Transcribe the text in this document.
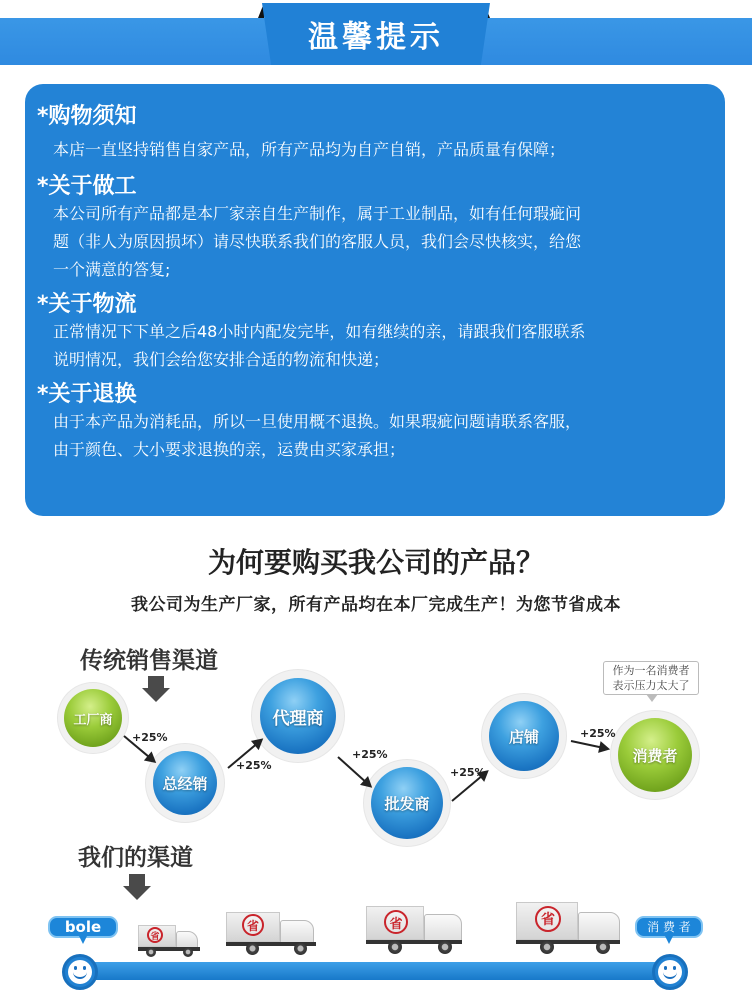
温馨提示
*购物须知

本店一直坚持销售自家产品，所有产品均为自产自销，产品质量有保障；

*关于做工

本公司所有产品都是本厂家亲自生产制作，属于工业制品，如有任何瑕疵问

题（非人为原因损坏）请尽快联系我们的客服人员，我们会尽快核实，给您

一个满意的答复;

*关于物流

正常情况下下单之后48小时内配发完毕，如有继续的亲，请跟我们客服联系

说明情况，我们会给您安排合适的物流和快递；

*关于退换

由于本产品为消耗品，所以一旦使用概不退换。如果瑕疵问题请联系客服，

由于颜色、大小要求退换的亲，运费由买家承担；

为何要购买我公司的产品？
我公司为生产厂家，所有产品均在本厂完成生产！为您节省成本
传统销售渠道
工厂商
总经销
代理商
批发商
店铺
消费者
+25%
+25%
+25%
+25%
+25%
作为一名消费者
表示压力太大了
我们的渠道
bole	消 费 者
省
省	省	省
